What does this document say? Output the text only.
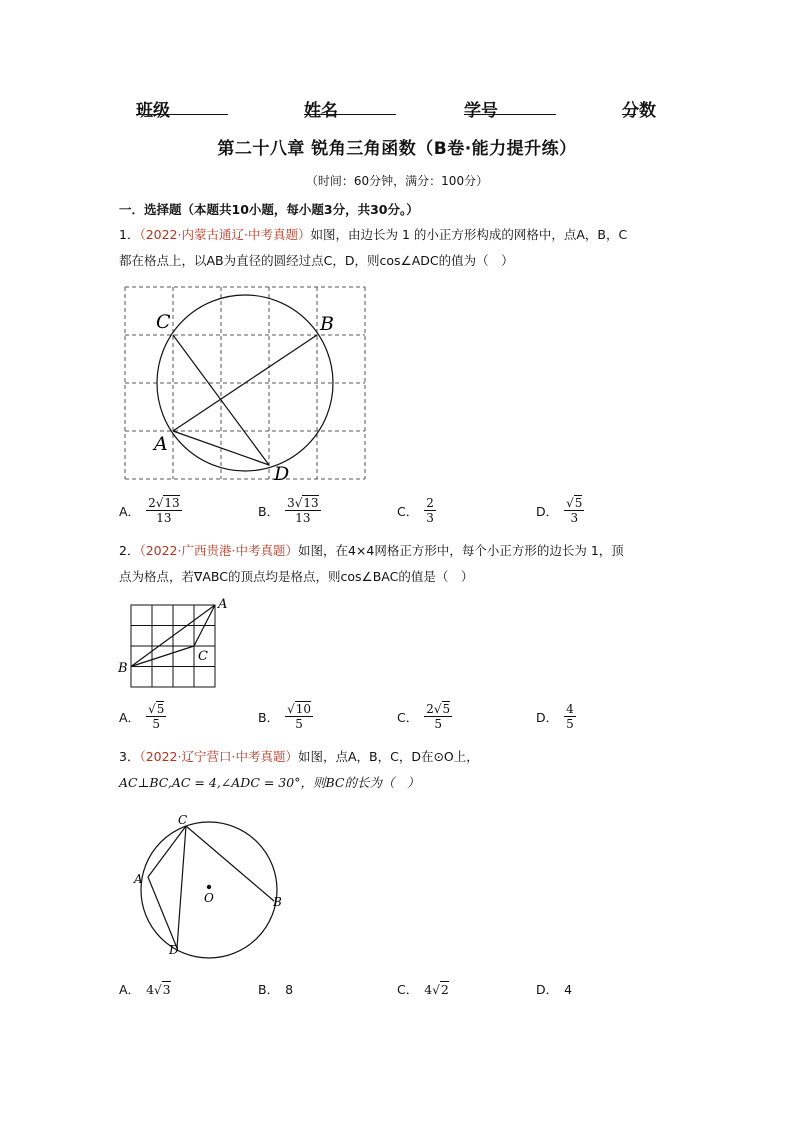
班级	姓名	学号	分数
第二十八章 锐角三角函数（B卷·能力提升练）
（时间：60分钟，满分：100分）
一．选择题（本题共10小题，每小题3分，共30分。）
1．（2022·内蒙古通辽·中考真题）如图，由边长为 1 的小正方形构成的网格中，点A，B，C
都在格点上，以AB为直径的圆经过点C，D，则cos∠ADC的值为（　）
C	B
A
D
A． $\frac{2√13}{13}$	B． $\frac{3√13}{13}$	C． $\frac{2}{3}$	D． $\frac{√5}{3}$
2．（2022·广西贵港·中考真题）如图，在4×4网格正方形中，每个小正方形的边长为 1，顶
点为格点，若∇ABC的顶点均是格点，则cos∠BAC的值是（　）
A
B
C
A． $\frac{√5}{5}$	B． $\frac{√10}{5}$	C． $\frac{2√5}{5}$	D． $\frac{4}{5}$
3．（2022·辽宁营口·中考真题）如图，点A，B，C，D在⊙O上，
AC⊥BC,AC = 4,∠ADC = 30°，则BC的长为（　）
C
A
O	B
D
A． 4√3	B． 8	C． 4√2	D． 4
